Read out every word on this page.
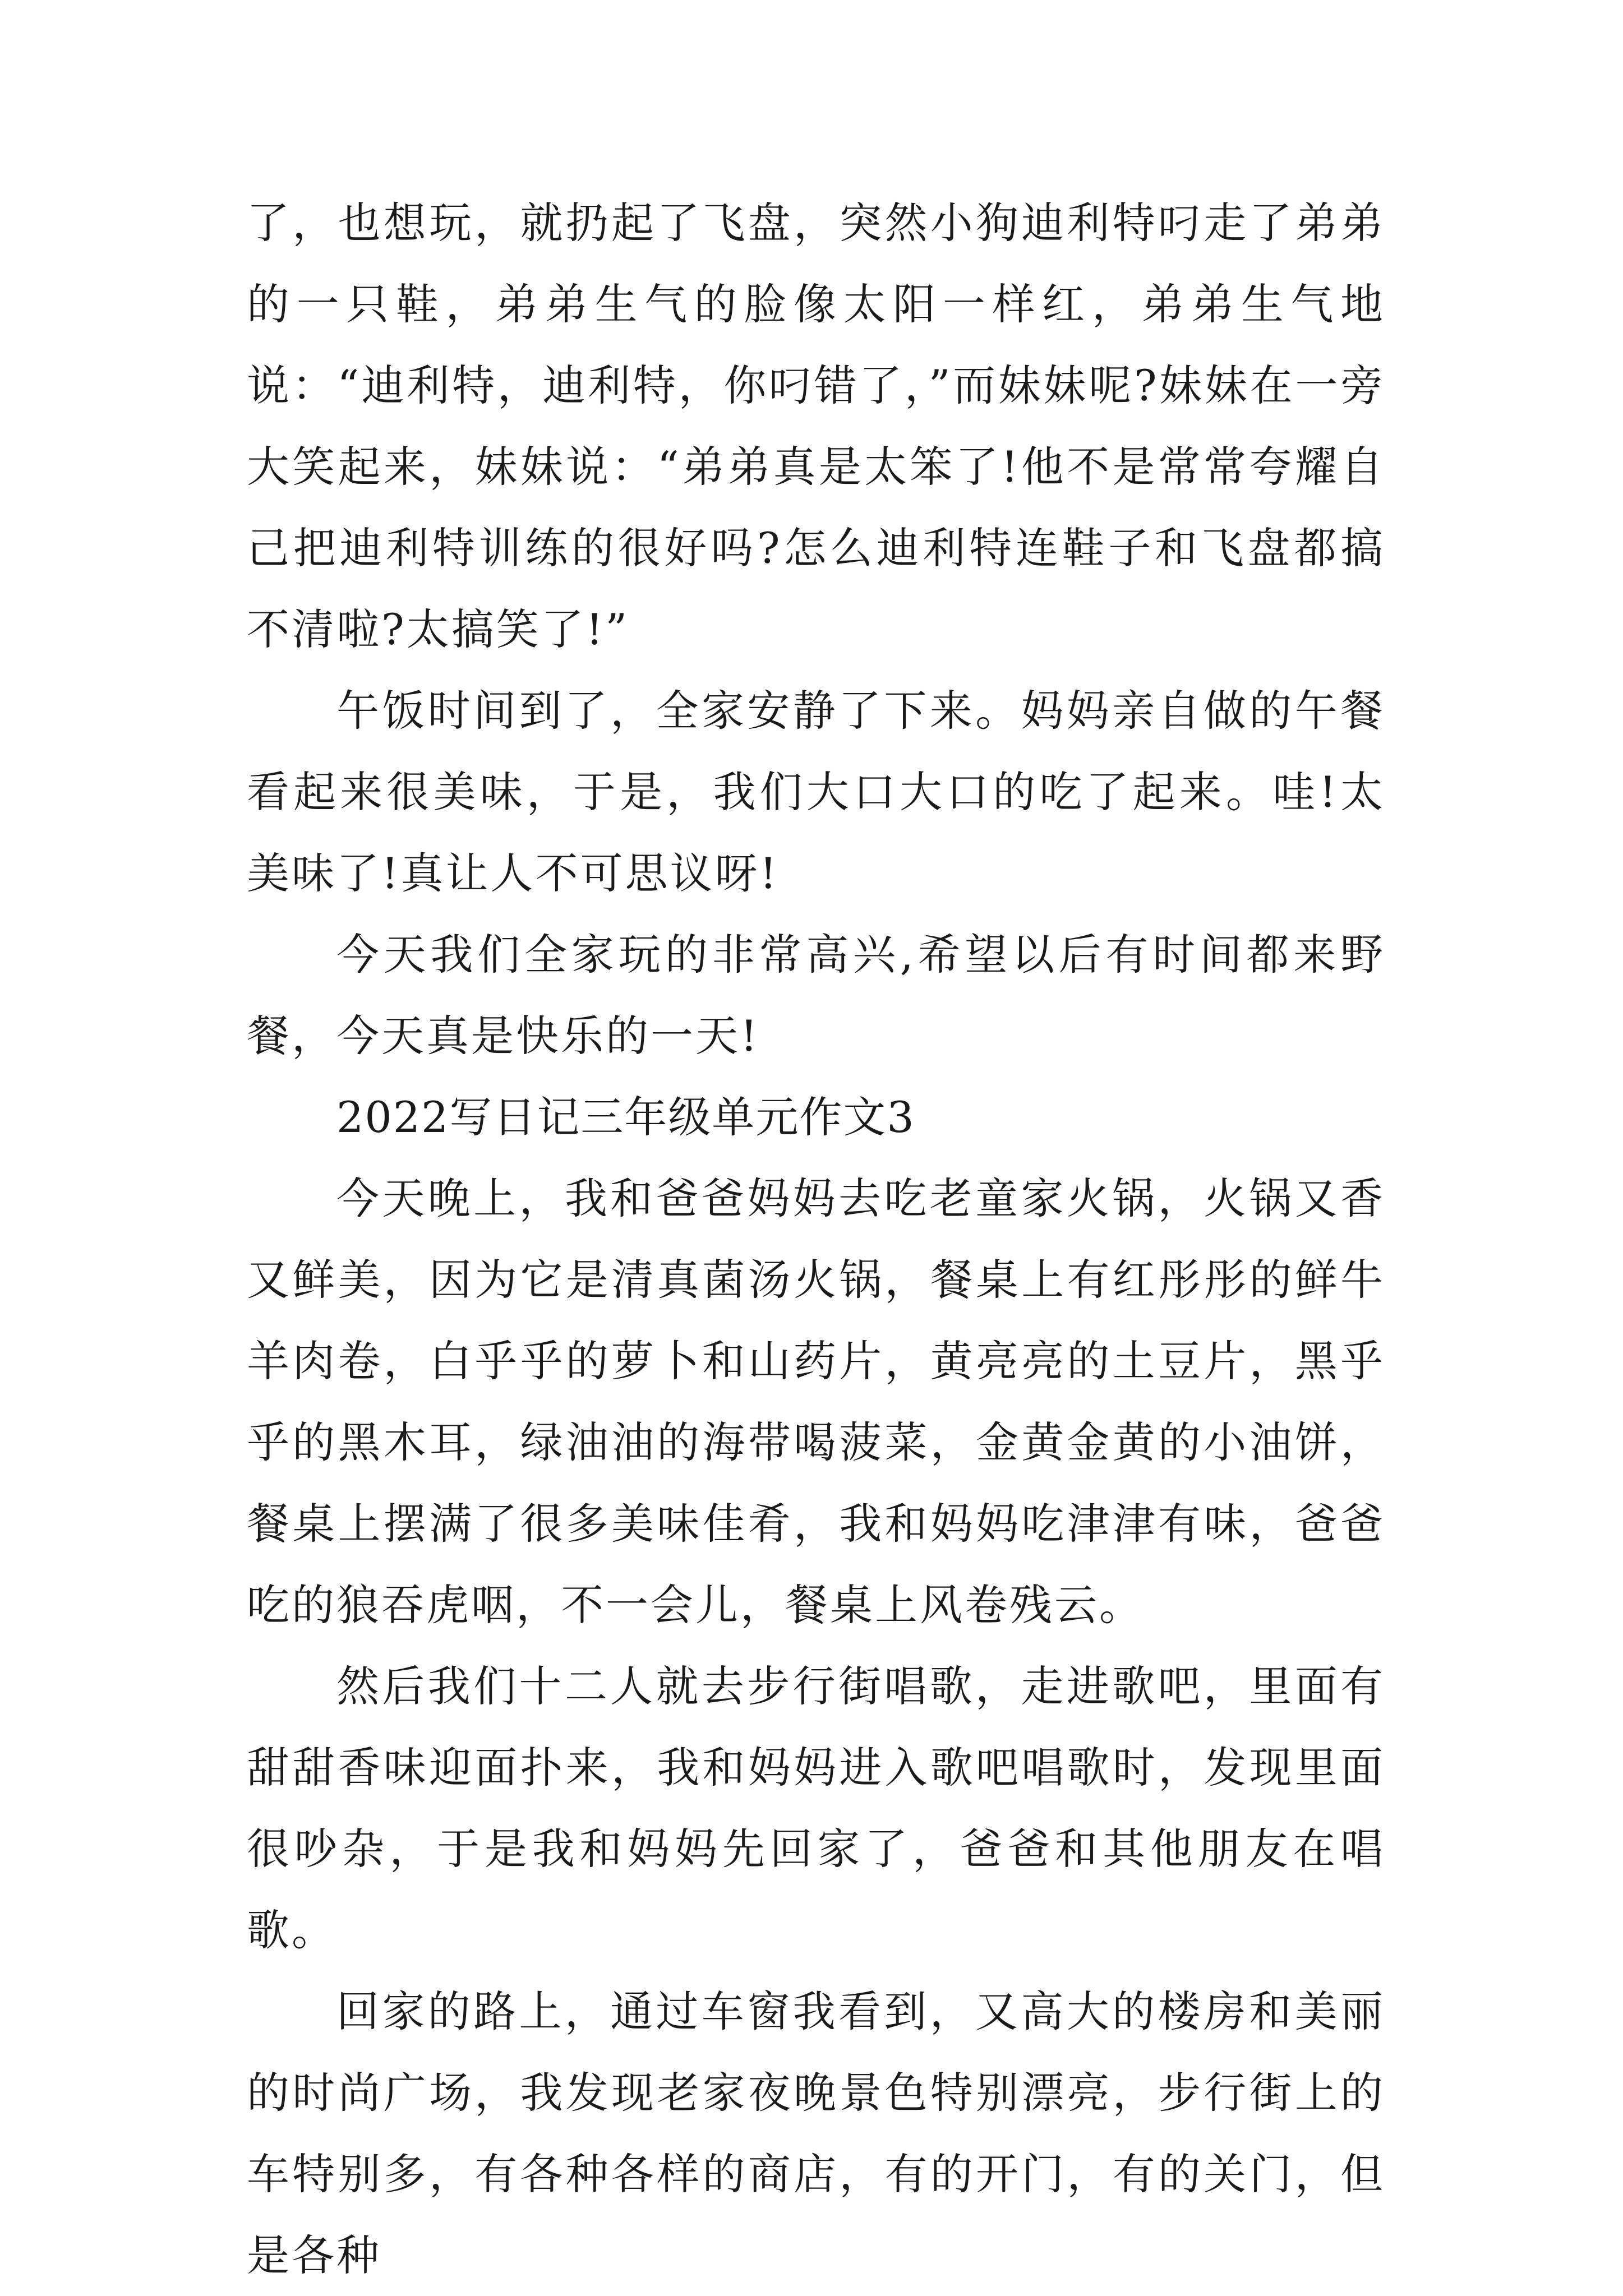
了，也想玩，就扔起了飞盘，突然小狗迪利特叼走了弟弟的一只鞋，弟弟生气的脸像太阳一样红，弟弟生气地说：“迪利特，迪利特，你叼错了，”而妹妹呢?妹妹在一旁大笑起来，妹妹说：“弟弟真是太笨了!他不是常常夸耀自己把迪利特训练的很好吗?怎么迪利特连鞋子和飞盘都搞不清啦?太搞笑了!”

午饭时间到了，全家安静了下来。妈妈亲自做的午餐看起来很美味，于是，我们大口大口的吃了起来。哇!太美味了!真让人不可思议呀!

今天我们全家玩的非常高兴,希望以后有时间都来野餐，今天真是快乐的一天!

2022写日记三年级单元作文3

今天晚上，我和爸爸妈妈去吃老童家火锅，火锅又香又鲜美，因为它是清真菌汤火锅，餐桌上有红彤彤的鲜牛羊肉卷，白乎乎的萝卜和山药片，黄亮亮的土豆片，黑乎乎的黑木耳，绿油油的海带喝菠菜，金黄金黄的小油饼，餐桌上摆满了很多美味佳肴，我和妈妈吃津津有味，爸爸吃的狼吞虎咽，不一会儿，餐桌上风卷残云。

然后我们十二人就去步行街唱歌，走进歌吧，里面有甜甜香味迎面扑来，我和妈妈进入歌吧唱歌时，发现里面很吵杂，于是我和妈妈先回家了，爸爸和其他朋友在唱歌。

回家的路上，通过车窗我看到，又高大的楼房和美丽的时尚广场，我发现老家夜晚景色特别漂亮，步行街上的车特别多，有各种各样的商店，有的开门，有的关门，但是各种
